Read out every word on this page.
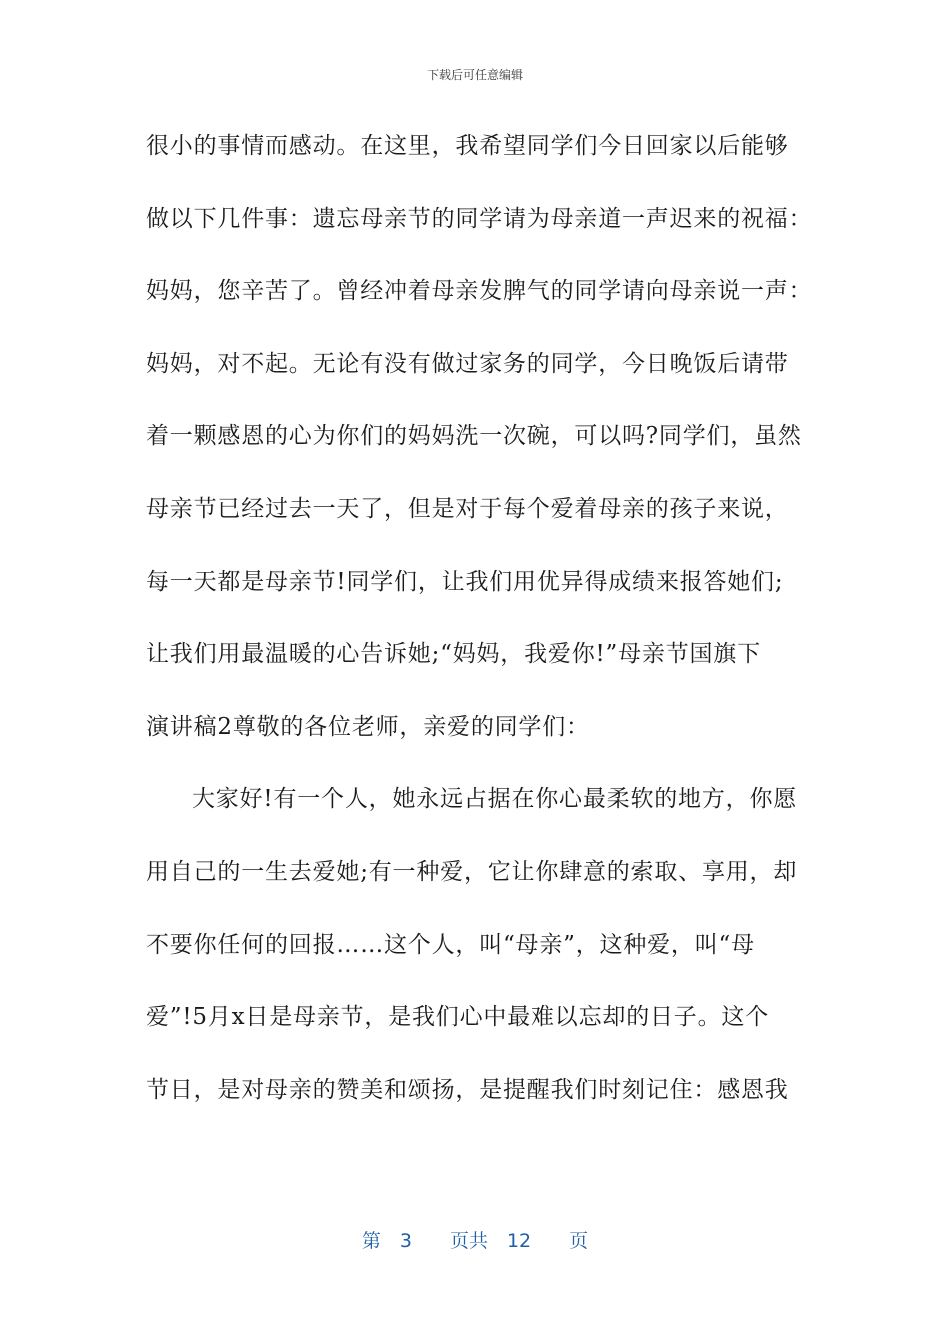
下载后可任意编辑
很小的事情而感动。在这里，我希望同学们今日回家以后能够
做以下几件事：遗忘母亲节的同学请为母亲道一声迟来的祝福：
妈妈，您辛苦了。曾经冲着母亲发脾气的同学请向母亲说一声：
妈妈，对不起。无论有没有做过家务的同学，今日晚饭后请带
着一颗感恩的心为你们的妈妈洗一次碗，可以吗?同学们，虽然
母亲节已经过去一天了，但是对于每个爱着母亲的孩子来说，
每一天都是母亲节!同学们，让我们用优异得成绩来报答她们;
让我们用最温暖的心告诉她;“妈妈，我爱你!”母亲节国旗下
演讲稿2尊敬的各位老师，亲爱的同学们：
大家好!有一个人，她永远占据在你心最柔软的地方，你愿
用自己的一生去爱她;有一种爱，它让你肆意的索取、享用，却
不要你任何的回报……这个人，叫“母亲”，这种爱，叫“母
爱”!5月x日是母亲节，是我们心中最难以忘却的日子。这个
节日，是对母亲的赞美和颂扬，是提醒我们时刻记住：感恩我
第　3　　页共　12　　页
